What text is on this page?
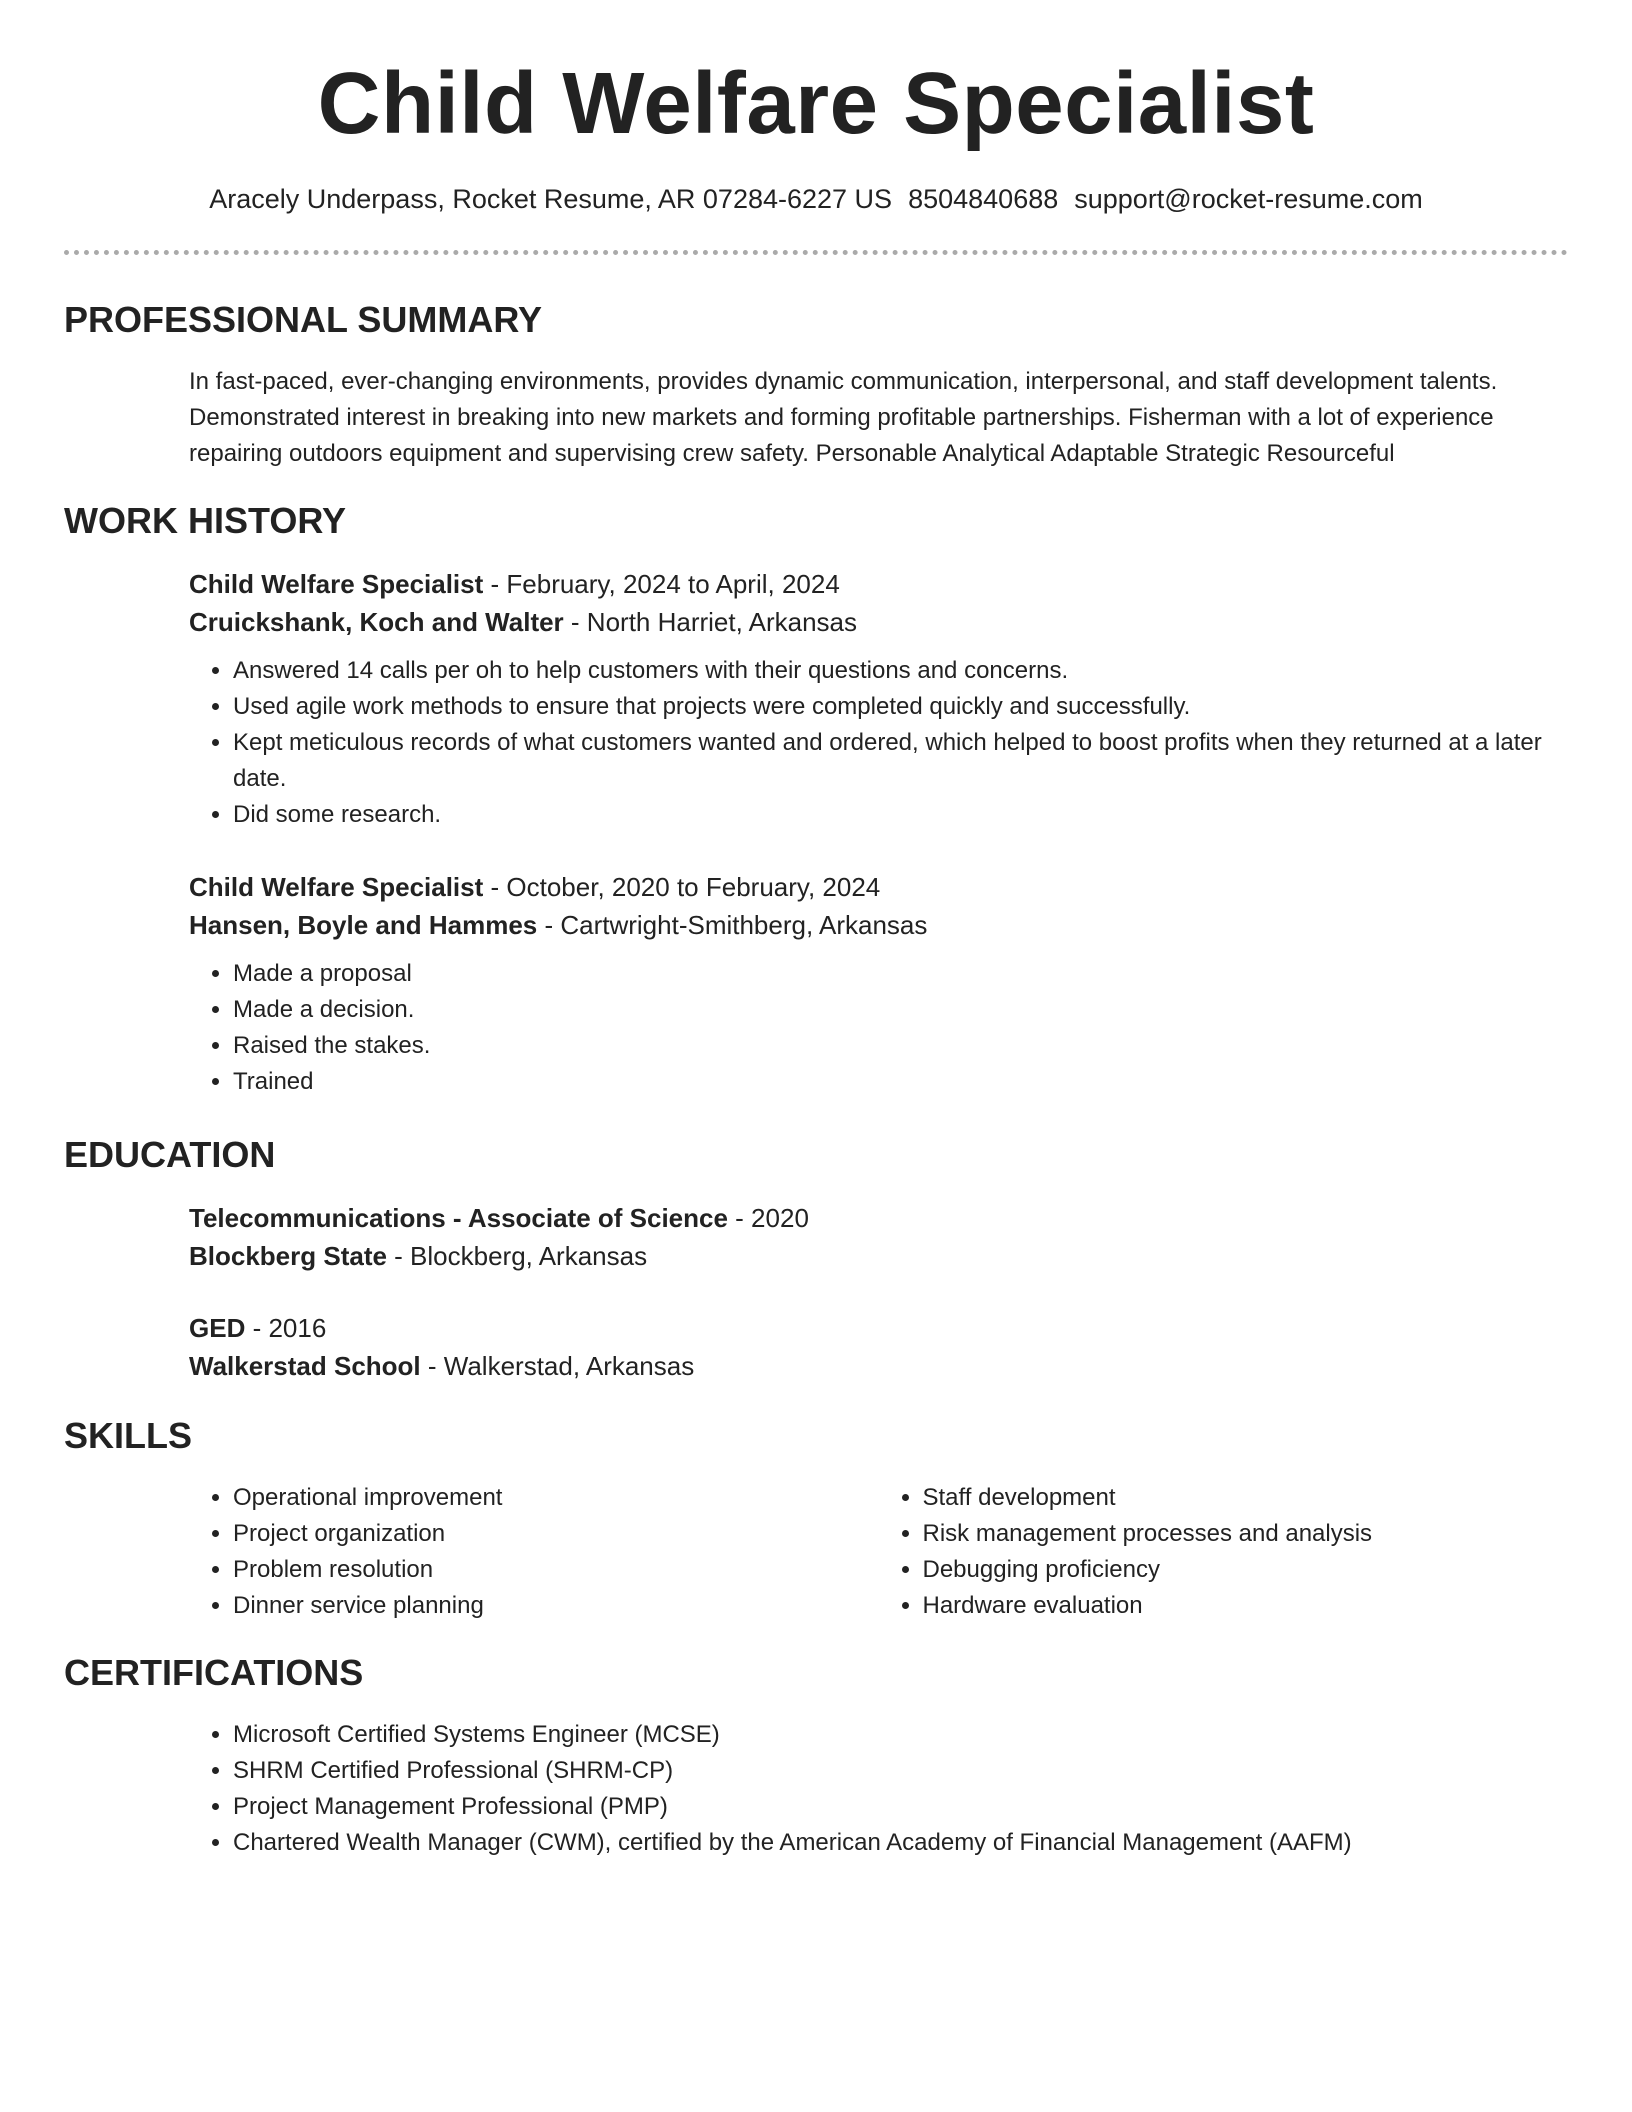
Child Welfare Specialist
Aracely Underpass, Rocket Resume, AR 07284-6227 US 8504840688 support@rocket-resume.com
PROFESSIONAL SUMMARY
In fast-paced, ever-changing environments, provides dynamic communication, interpersonal, and staff development talents. Demonstrated interest in breaking into new markets and forming profitable partnerships. Fisherman with a lot of experience repairing outdoors equipment and supervising crew safety. Personable Analytical Adaptable Strategic Resourceful
WORK HISTORY
Child Welfare Specialist - February, 2024 to April, 2024
Cruickshank, Koch and Walter - North Harriet, Arkansas
• Answered 14 calls per oh to help customers with their questions and concerns.
• Used agile work methods to ensure that projects were completed quickly and successfully.
• Kept meticulous records of what customers wanted and ordered, which helped to boost profits when they returned at a later date.
• Did some research.
Child Welfare Specialist - October, 2020 to February, 2024
Hansen, Boyle and Hammes - Cartwright-Smithberg, Arkansas
• Made a proposal
• Made a decision.
• Raised the stakes.
• Trained
EDUCATION
Telecommunications - Associate of Science - 2020
Blockberg State - Blockberg, Arkansas
GED - 2016
Walkerstad School - Walkerstad, Arkansas
SKILLS
• Operational improvement
• Project organization
• Problem resolution
• Dinner service planning
• Staff development
• Risk management processes and analysis
• Debugging proficiency
• Hardware evaluation
CERTIFICATIONS
• Microsoft Certified Systems Engineer (MCSE)
• SHRM Certified Professional (SHRM-CP)
• Project Management Professional (PMP)
• Chartered Wealth Manager (CWM), certified by the American Academy of Financial Management (AAFM)
